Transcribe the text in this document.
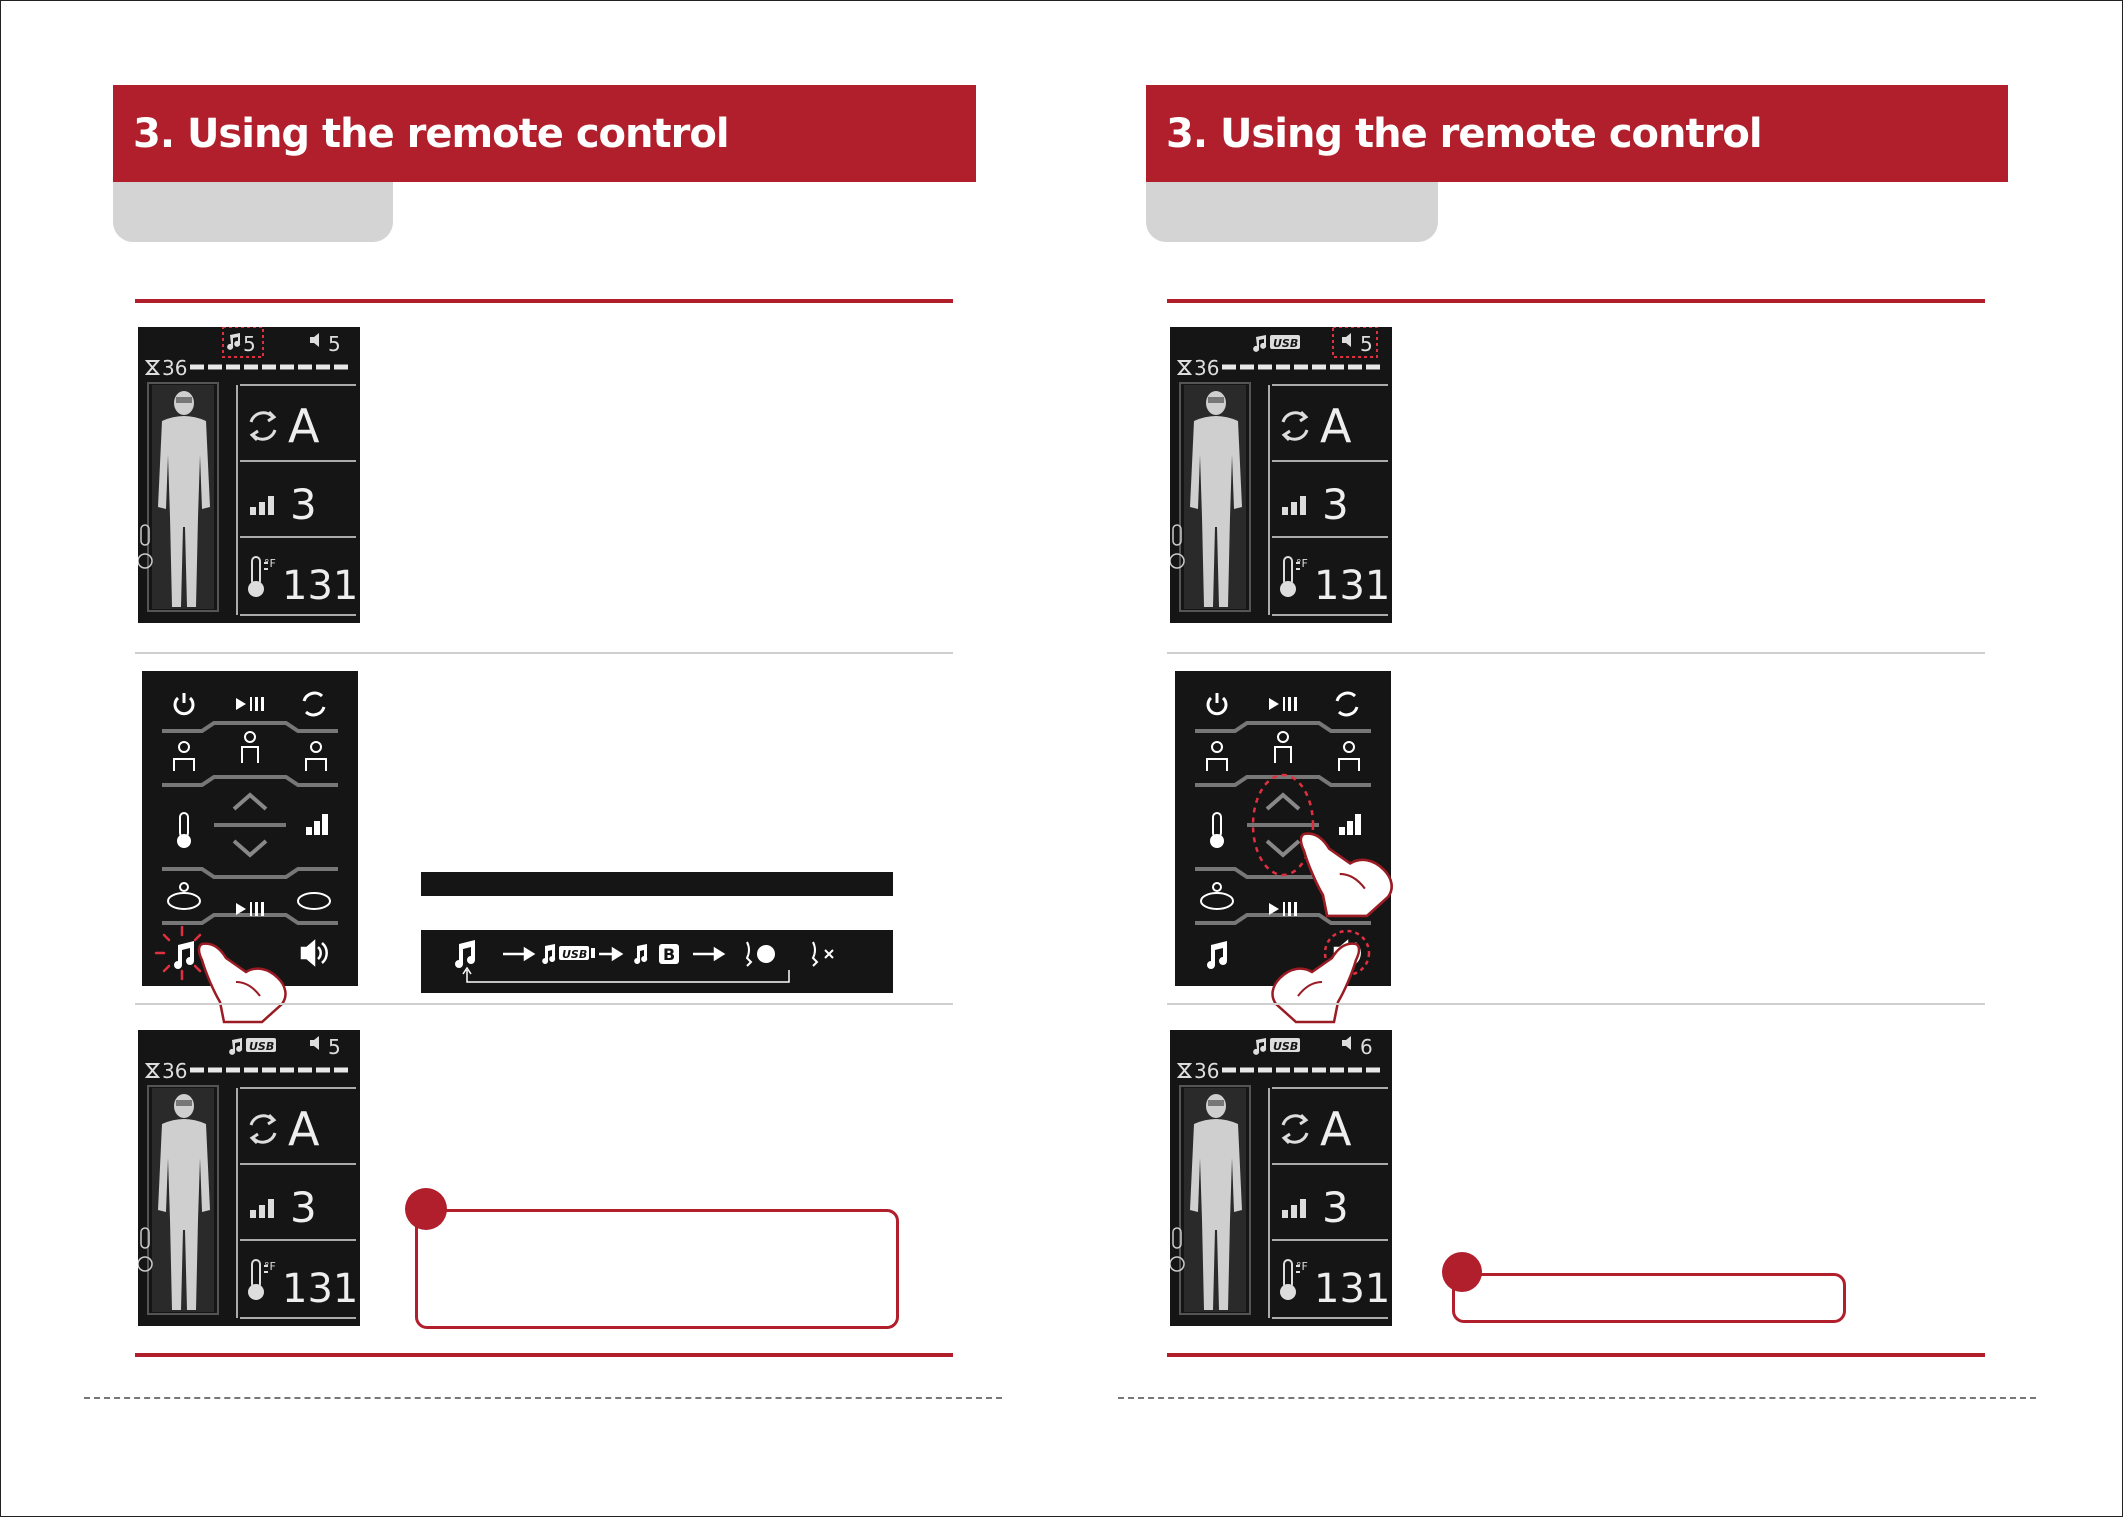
3. Using the remote control
5	5
36
A
3
°F 131
USB	B
USB	5
36
A
3
°F 131
3. Using the remote control
USB	5
36
A
3
°F 131
USB	6
36
A
3
°F 131
